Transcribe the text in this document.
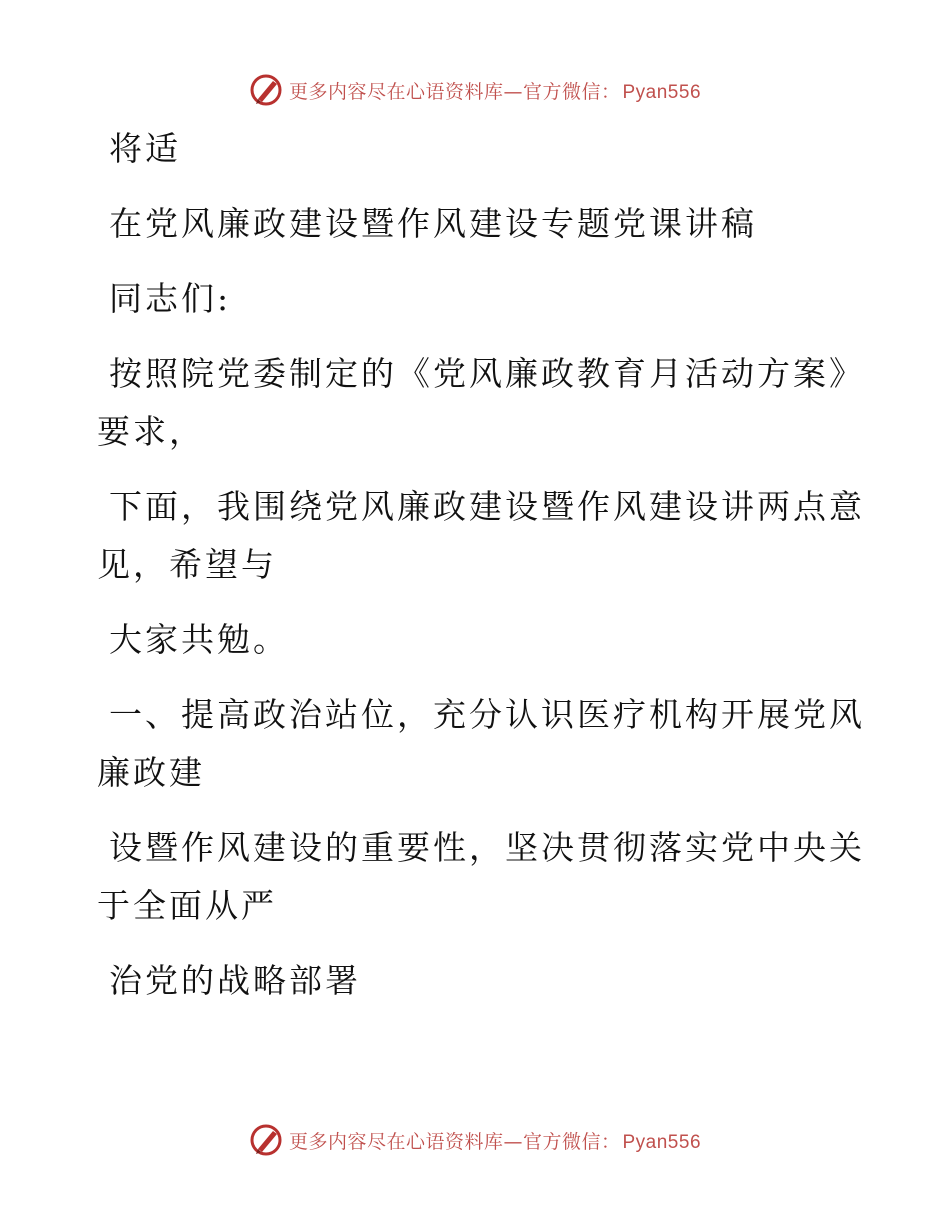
更多内容尽在心语资料库—官方微信： Pyan556

将适

在党风廉政建设暨作风建设专题党课讲稿

同志们:

按照院党委制定的《党风廉政教育月活动方案》

要求，

下面，我围绕党风廉政建设暨作风建设讲两点意

见，希望与

大家共勉。

一、提高政治站位，充分认识医疗机构开展党风

廉政建

设暨作风建设的重要性，坚决贯彻落实党中央关

于全面从严

治党的战略部署

更多内容尽在心语资料库—官方微信： Pyan556
